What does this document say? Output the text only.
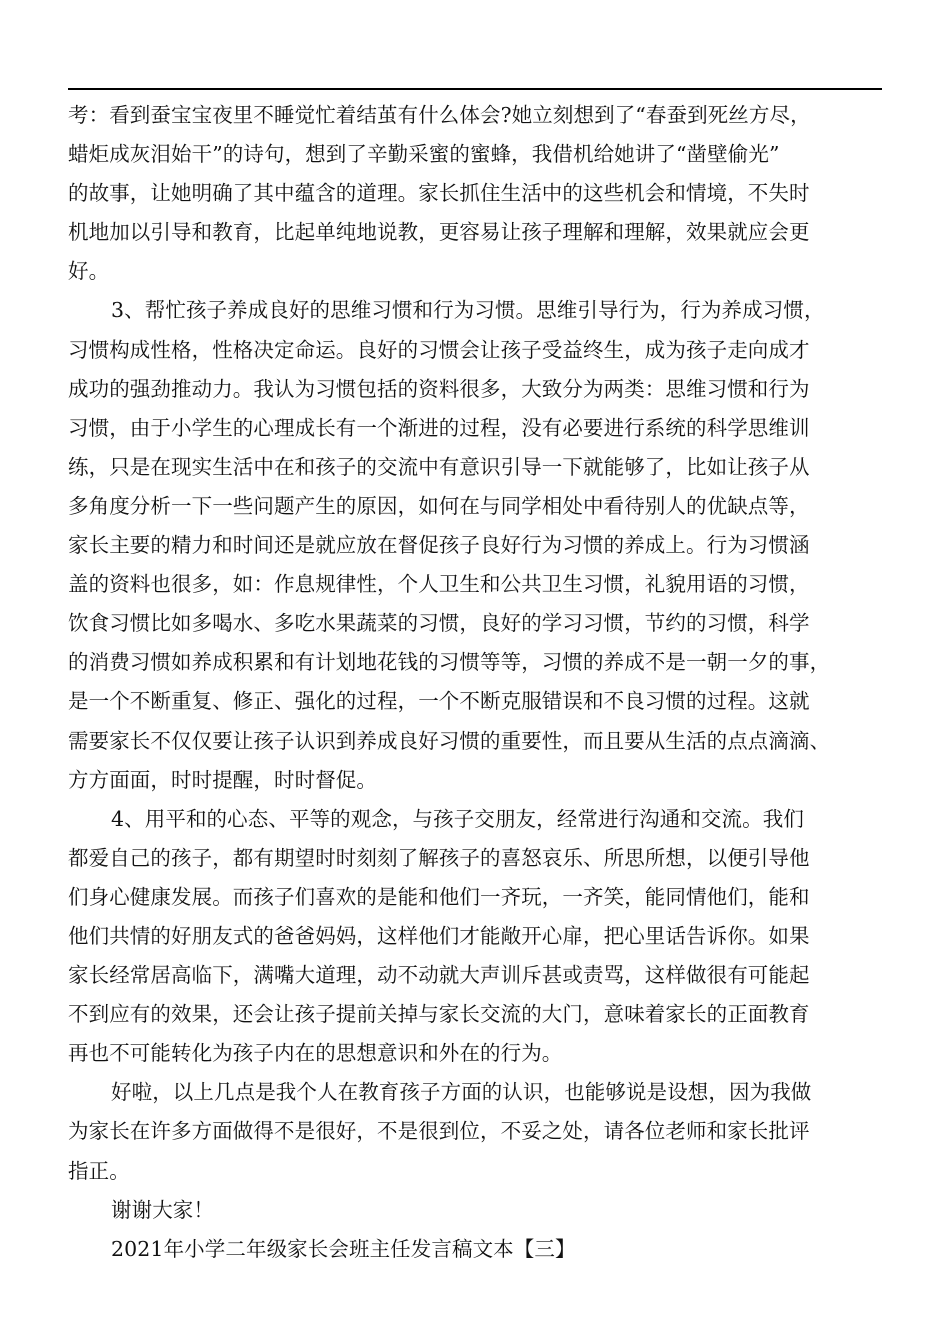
考：看到蚕宝宝夜里不睡觉忙着结茧有什么体会?她立刻想到了“春蚕到死丝方尽，
蜡炬成灰泪始干”的诗句，想到了辛勤采蜜的蜜蜂，我借机给她讲了“凿壁偷光”
的故事，让她明确了其中蕴含的道理。家长抓住生活中的这些机会和情境，不失时
机地加以引导和教育，比起单纯地说教，更容易让孩子理解和理解，效果就应会更
好。
3、帮忙孩子养成良好的思维习惯和行为习惯。思维引导行为，行为养成习惯，
习惯构成性格，性格决定命运。良好的习惯会让孩子受益终生，成为孩子走向成才
成功的强劲推动力。我认为习惯包括的资料很多，大致分为两类：思维习惯和行为
习惯，由于小学生的心理成长有一个渐进的过程，没有必要进行系统的科学思维训
练，只是在现实生活中在和孩子的交流中有意识引导一下就能够了，比如让孩子从
多角度分析一下一些问题产生的原因，如何在与同学相处中看待别人的优缺点等，
家长主要的精力和时间还是就应放在督促孩子良好行为习惯的养成上。行为习惯涵
盖的资料也很多，如：作息规律性，个人卫生和公共卫生习惯，礼貌用语的习惯，
饮食习惯比如多喝水、多吃水果蔬菜的习惯，良好的学习习惯，节约的习惯，科学
的消费习惯如养成积累和有计划地花钱的习惯等等，习惯的养成不是一朝一夕的事，
是一个不断重复、修正、强化的过程，一个不断克服错误和不良习惯的过程。这就
需要家长不仅仅要让孩子认识到养成良好习惯的重要性，而且要从生活的点点滴滴、
方方面面，时时提醒，时时督促。
4、用平和的心态、平等的观念，与孩子交朋友，经常进行沟通和交流。我们
都爱自己的孩子，都有期望时时刻刻了解孩子的喜怒哀乐、所思所想，以便引导他
们身心健康发展。而孩子们喜欢的是能和他们一齐玩，一齐笑，能同情他们，能和
他们共情的好朋友式的爸爸妈妈，这样他们才能敞开心扉，把心里话告诉你。如果
家长经常居高临下，满嘴大道理，动不动就大声训斥甚或责骂，这样做很有可能起
不到应有的效果，还会让孩子提前关掉与家长交流的大门，意味着家长的正面教育
再也不可能转化为孩子内在的思想意识和外在的行为。
好啦，以上几点是我个人在教育孩子方面的认识，也能够说是设想，因为我做
为家长在许多方面做得不是很好，不是很到位，不妥之处，请各位老师和家长批评
指正。
谢谢大家！
2021年小学二年级家长会班主任发言稿文本【三】
